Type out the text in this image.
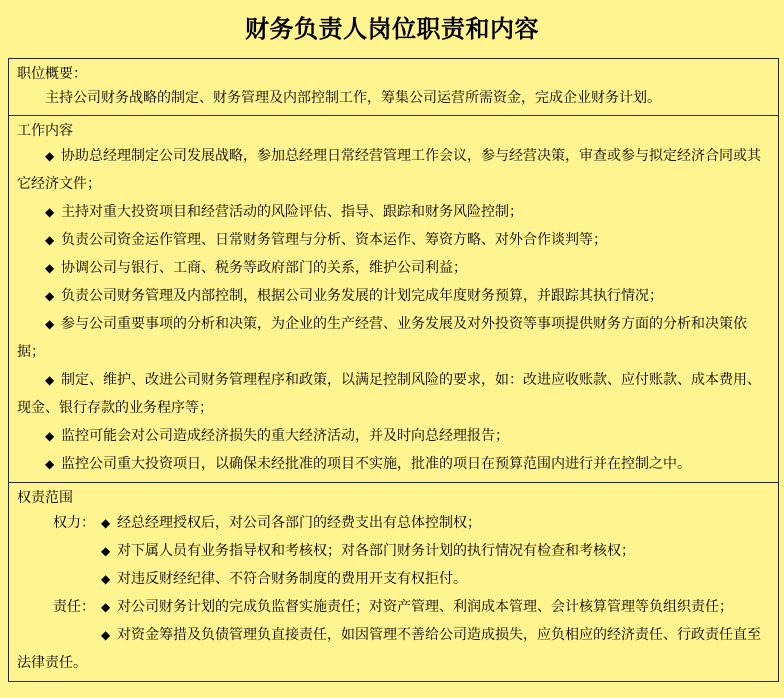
财务负责人岗位职责和内容
职位概要：

主持公司财务战略的制定、财务管理及内部控制工作，筹集公司运营所需资金，完成企业财务计划。

工作内容

◆ 协助总经理制定公司发展战略，参加总经理日常经营管理工作会议，参与经营决策，审查或参与拟定经济合同或其它经济文件；

◆ 主持对重大投资项目和经营活动的风险评估、指导、跟踪和财务风险控制；

◆ 负责公司资金运作管理、日常财务管理与分析、资本运作、筹资方略、对外合作谈判等；

◆ 协调公司与银行、工商、税务等政府部门的关系，维护公司利益；

◆ 负责公司财务管理及内部控制，根据公司业务发展的计划完成年度财务预算，并跟踪其执行情况；

◆ 参与公司重要事项的分析和决策，为企业的生产经营、业务发展及对外投资等事项提供财务方面的分析和决策依据；

◆ 制定、维护、改进公司财务管理程序和政策，以满足控制风险的要求，如：改进应收账款、应付账款、成本费用、现金、银行存款的业务程序等；

◆ 监控可能会对公司造成经济损失的重大经济活动，并及时向总经理报告；

◆ 监控公司重大投资项日，以确保未经批准的项目不实施，批准的项日在预算范围内进行并在控制之中。

权责范围

权力： ◆ 经总经理授权后，对公司各部门的经费支出有总体控制权；

◆ 对下属人员有业务指导权和考核权；对各部门财务计划的执行情况有检查和考核权；

◆ 对违反财经纪律、不符合财务制度的费用开支有权拒付。

责任： ◆ 对公司财务计划的完成负监督实施责任；对资产管理、利润成本管理、会计核算管理等负组织责任；

◆ 对资金筹措及负债管理负直接责任，如因管理不善给公司造成损失，应负相应的经济责任、行政责任直至法律责任。
